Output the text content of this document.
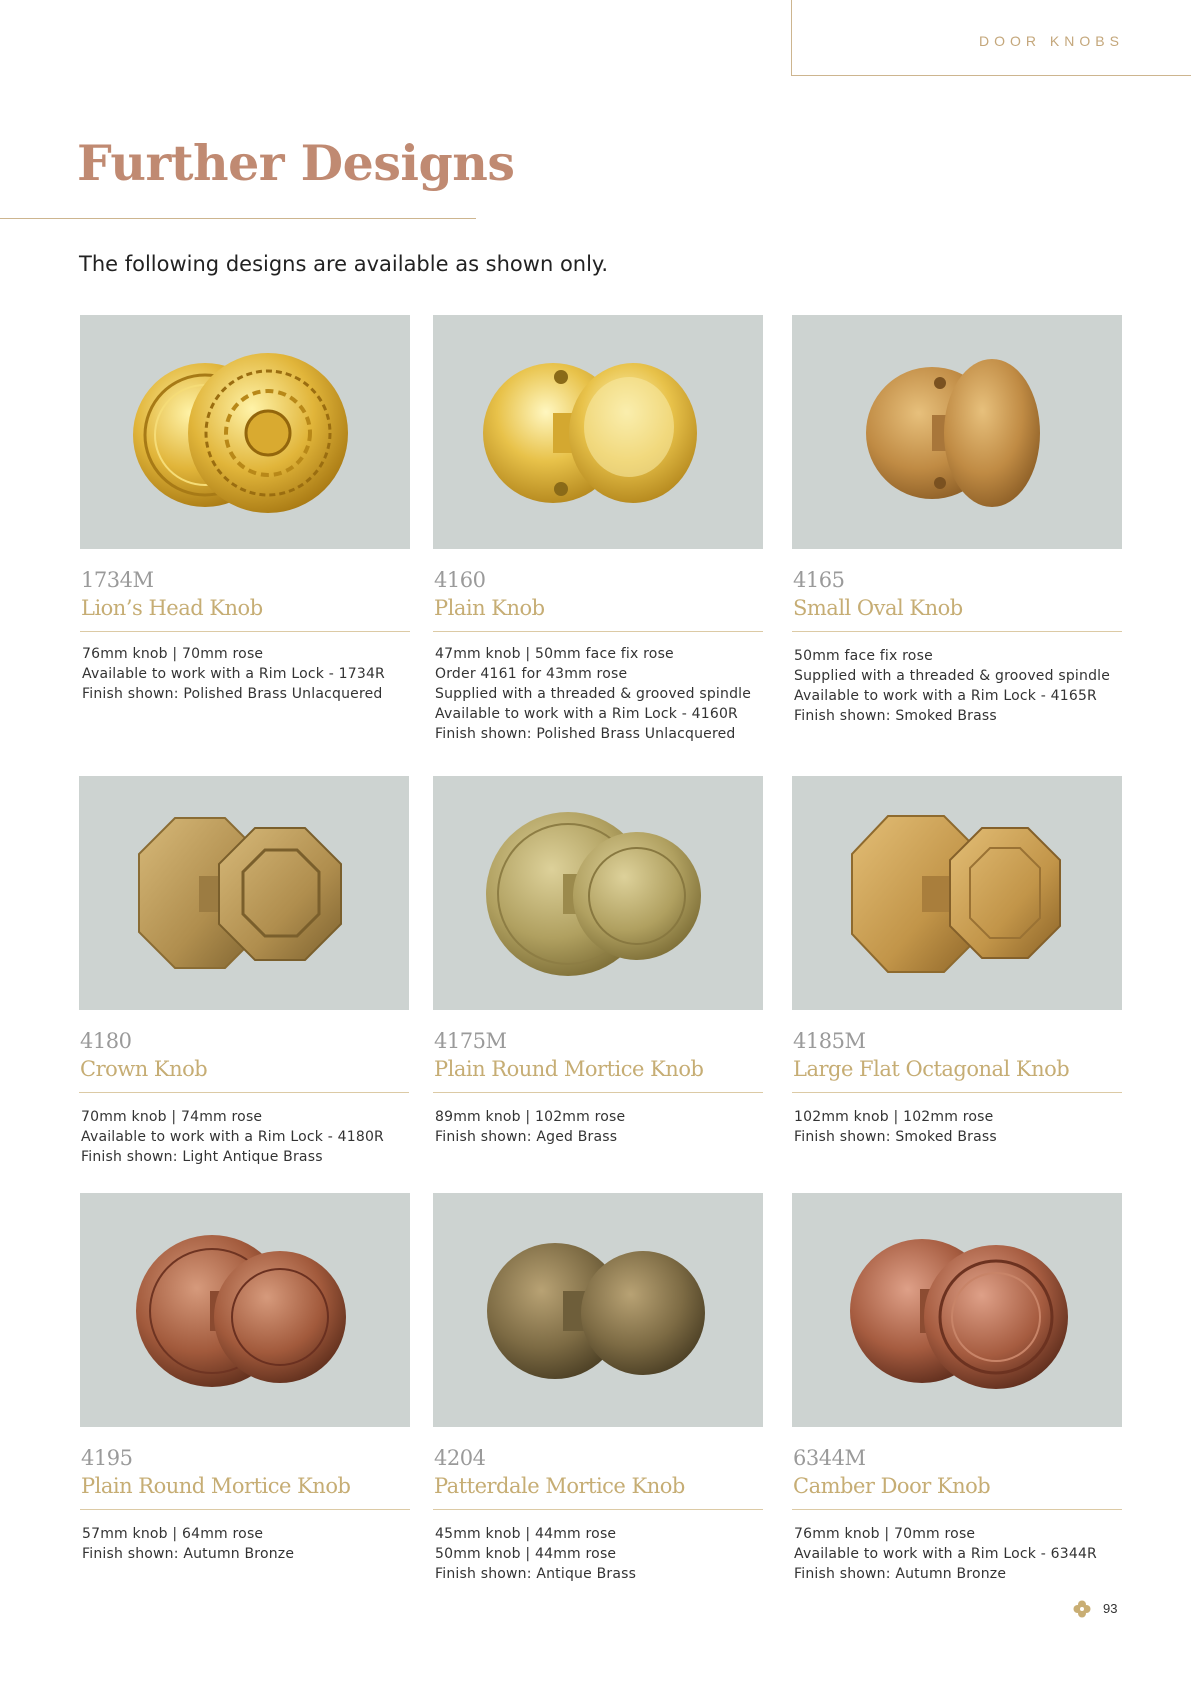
DOOR KNOBS
Further Designs
The following designs are available as shown only.
1734M
Lion’s Head Knob
76mm knob | 70mm rose
Available to work with a Rim Lock - 1734R
Finish shown: Polished Brass Unlacquered
4160
Plain Knob
47mm knob | 50mm face fix rose
Order 4161 for 43mm rose
Supplied with a threaded & grooved spindle
Available to work with a Rim Lock - 4160R
Finish shown: Polished Brass Unlacquered
4165
Small Oval Knob
50mm face fix rose
Supplied with a threaded & grooved spindle
Available to work with a Rim Lock - 4165R
Finish shown: Smoked Brass
4180
Crown Knob
70mm knob | 74mm rose
Available to work with a Rim Lock - 4180R
Finish shown: Light Antique Brass
4175M
Plain Round Mortice Knob
89mm knob | 102mm rose
Finish shown: Aged Brass
4185M
Large Flat Octagonal Knob
102mm knob | 102mm rose
Finish shown: Smoked Brass
4195
Plain Round Mortice Knob
57mm knob | 64mm rose
Finish shown: Autumn Bronze
4204
Patterdale Mortice Knob
45mm knob | 44mm rose
50mm knob | 44mm rose
Finish shown: Antique Brass
6344M
Camber Door Knob
76mm knob | 70mm rose
Available to work with a Rim Lock - 6344R
Finish shown: Autumn Bronze
93
